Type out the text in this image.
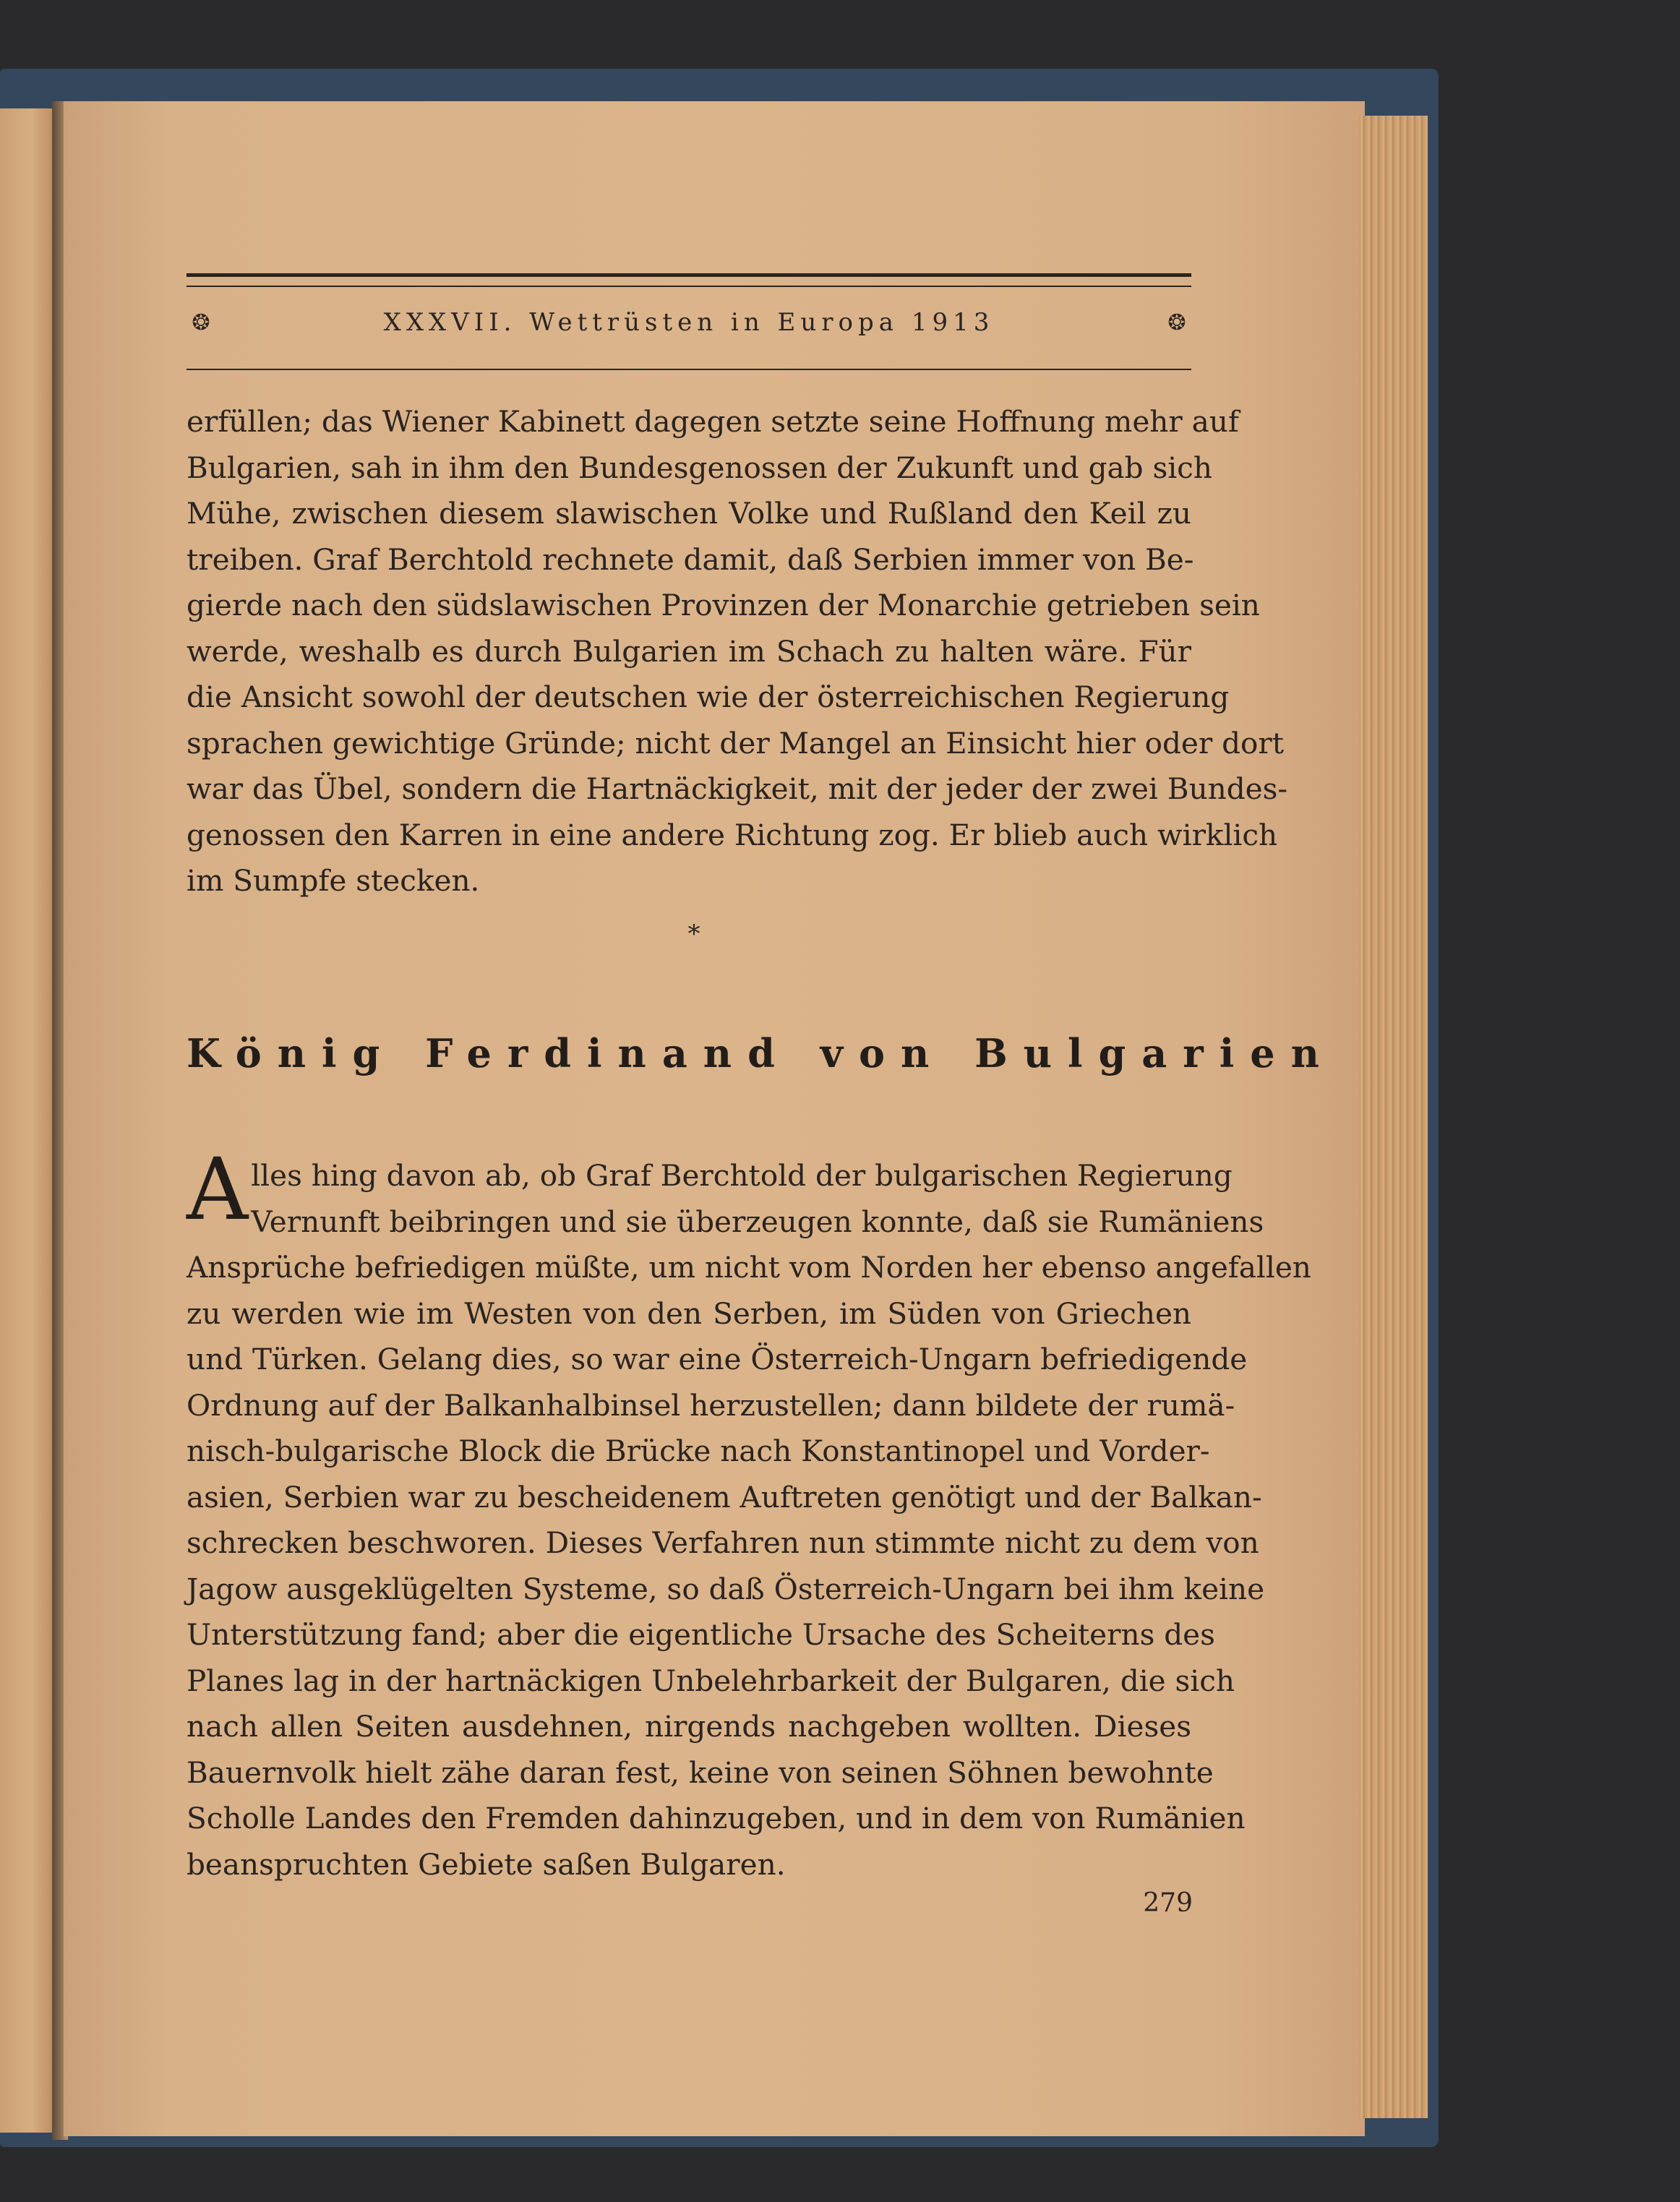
❂	XXXVII. Wettrüsten in Europa 1913	❂
erfüllen; das Wiener Kabinett dagegen setzte seine Hoffnung mehr auf
Bulgarien, sah in ihm den Bundesgenossen der Zukunft und gab sich
Mühe, zwischen diesem slawischen Volke und Rußland den Keil zu
treiben. Graf Berchtold rechnete damit, daß Serbien immer von Be-
gierde nach den südslawischen Provinzen der Monarchie getrieben sein
werde, weshalb es durch Bulgarien im Schach zu halten wäre. Für
die Ansicht sowohl der deutschen wie der österreichischen Regierung
sprachen gewichtige Gründe; nicht der Mangel an Einsicht hier oder dort
war das Übel, sondern die Hartnäckigkeit, mit der jeder der zwei Bundes-
genossen den Karren in eine andere Richtung zog. Er blieb auch wirklich
im Sumpfe stecken.
*
König Ferdinand von Bulgarien
Alles hing davon ab, ob Graf Berchtold der bulgarischen Regierung
Vernunft beibringen und sie überzeugen konnte, daß sie Rumäniens
Ansprüche befriedigen müßte, um nicht vom Norden her ebenso angefallen
zu werden wie im Westen von den Serben, im Süden von Griechen
und Türken. Gelang dies, so war eine Österreich-Ungarn befriedigende
Ordnung auf der Balkanhalbinsel herzustellen; dann bildete der rumä-
nisch-bulgarische Block die Brücke nach Konstantinopel und Vorder-
asien, Serbien war zu bescheidenem Auftreten genötigt und der Balkan-
schrecken beschworen. Dieses Verfahren nun stimmte nicht zu dem von
Jagow ausgeklügelten Systeme, so daß Österreich-Ungarn bei ihm keine
Unterstützung fand; aber die eigentliche Ursache des Scheiterns des
Planes lag in der hartnäckigen Unbelehrbarkeit der Bulgaren, die sich
nach allen Seiten ausdehnen, nirgends nachgeben wollten. Dieses
Bauernvolk hielt zähe daran fest, keine von seinen Söhnen bewohnte
Scholle Landes den Fremden dahinzugeben, und in dem von Rumänien
beanspruchten Gebiete saßen Bulgaren.
279
